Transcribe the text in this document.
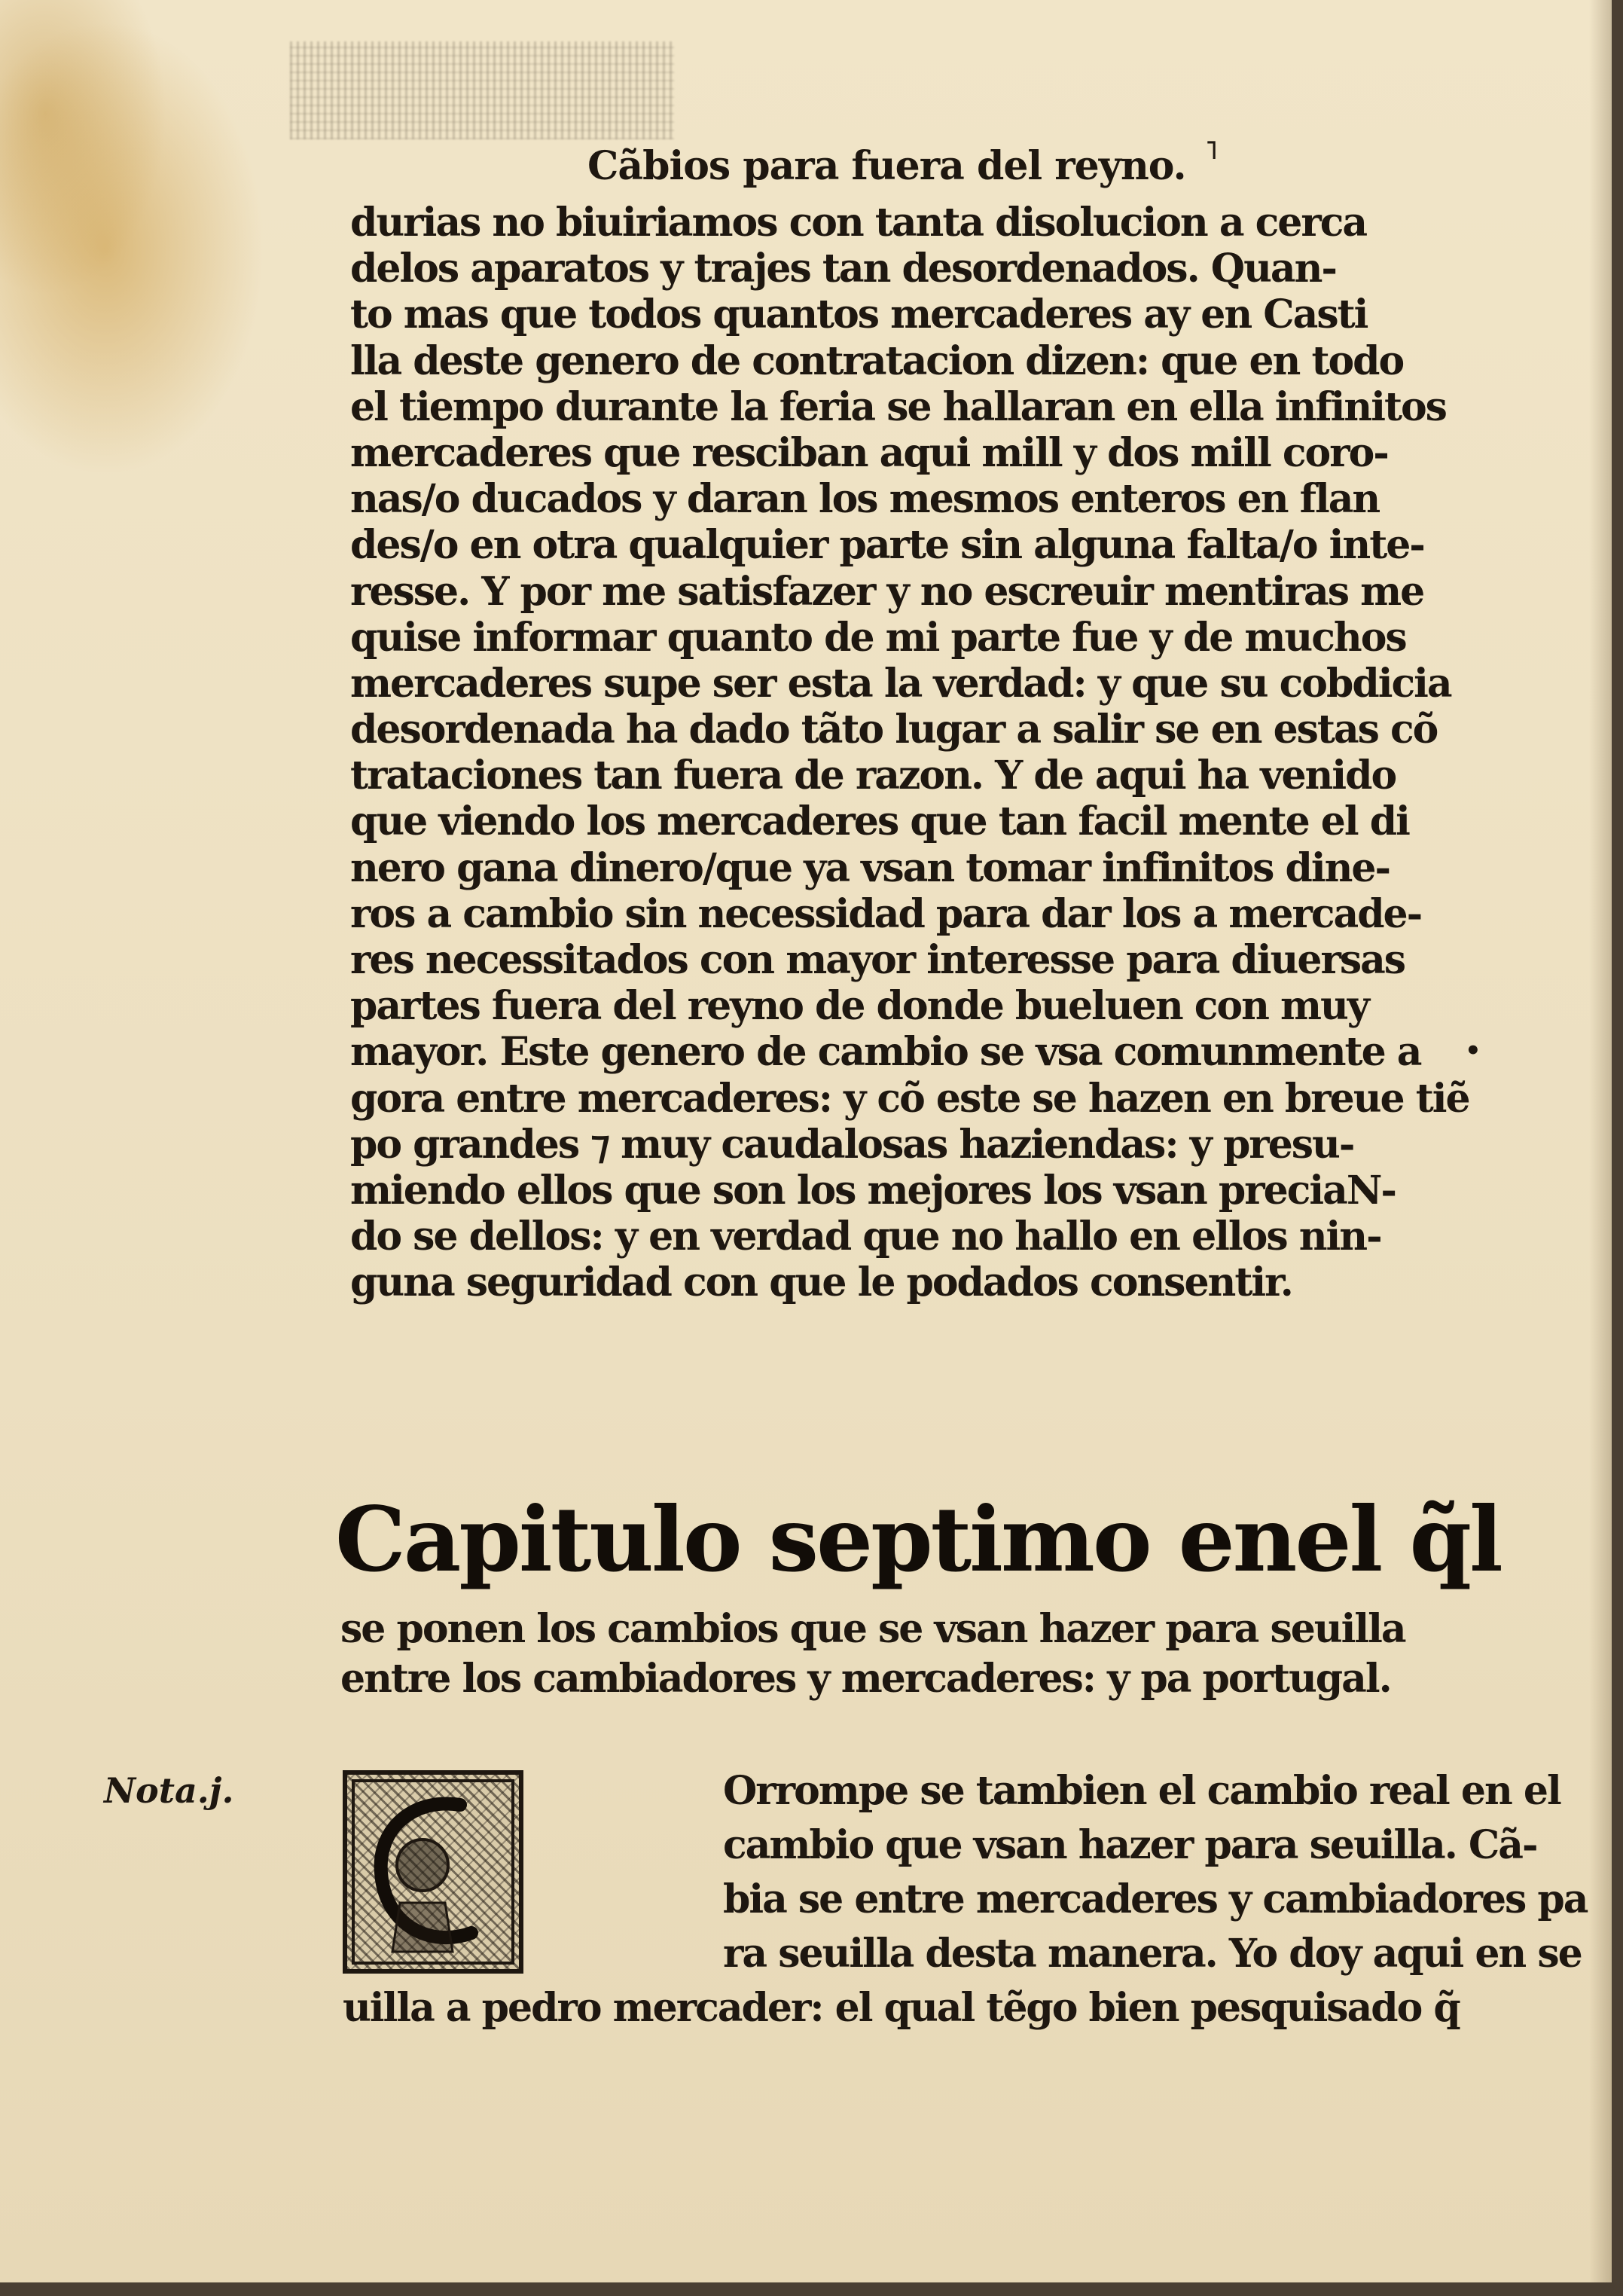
Cãbios para fuera del reyno.
durias no biuiriamos con tanta disolucion a cerca
delos aparatos y trajes tan desordenados. Quan-
to mas que todos quantos mercaderes ay en Casti
lla deste genero de contratacion dizen: que en todo
el tiempo durante la feria se hallaran en ella infinitos
mercaderes que resciban aqui mill y dos mill coro-
nas/o ducados y daran los mesmos enteros en flan
des/o en otra qualquier parte sin alguna falta/o inte-
resse. Y por me satisfazer y no escreuir mentiras me
quise informar quanto de mi parte fue y de muchos
mercaderes supe ser esta la verdad: y que su cobdicia
desordenada ha dado tãto lugar a salir se en estas cõ
trataciones tan fuera de razon. Y de aqui ha venido
que viendo los mercaderes que tan facil mente el di
nero gana dinero/que ya vsan tomar infinitos dine-
ros a cambio sin necessidad para dar los a mercade-
res necessitados con mayor interesse para diuersas
partes fuera del reyno de donde bueluen con muy
mayor. Este genero de cambio se vsa comunmente a
gora entre mercaderes: y cõ este se hazen en breue tiẽ
po grandes ⁊ muy caudalosas haziendas: y presu-
miendo ellos que son los mejores los vsan preciaN-
do se dellos: y en verdad que no hallo en ellos nin-
guna seguridad con que le podados consentir.
Capitulo septimo enel q̃l
se ponen los cambios que se vsan hazer para seuilla
entre los cambiadores y mercaderes: y pa portugal.
Nota.j.	Orrompe se tambien el cambio real en el
cambio que vsan hazer para seuilla. Cã-
bia se entre mercaderes y cambiadores pa
ra seuilla desta manera. Yo doy aqui en se
uilla a pedro mercader: el qual tẽgo bien pesquisado q̃
˥
•
